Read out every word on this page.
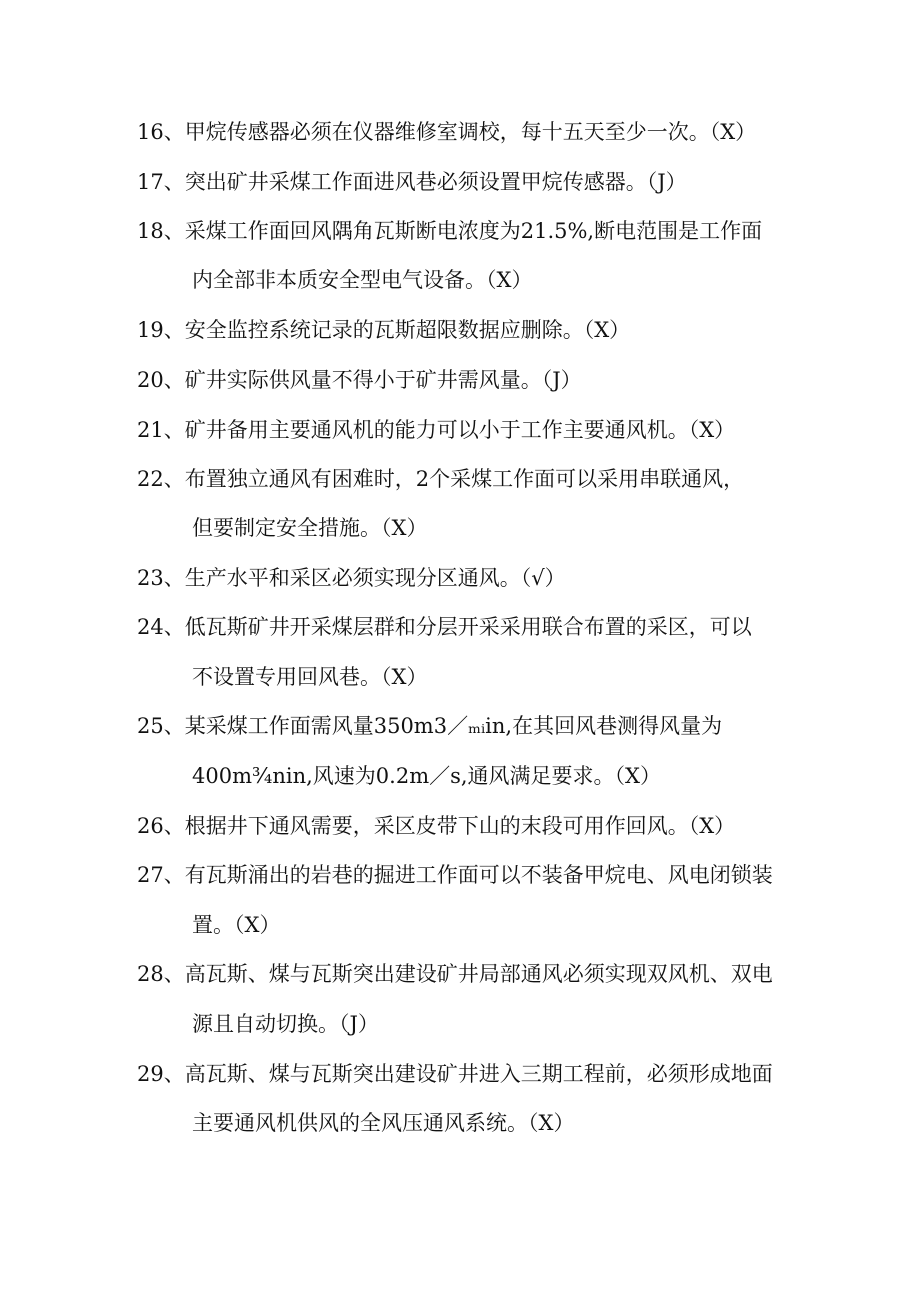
16、甲烷传感器必须在仪器维修室调校，每十五天至少一次。（X）
17、突出矿井采煤工作面进风巷必须设置甲烷传感器。（J）
18、采煤工作面回风隅角瓦斯断电浓度为21.5%,断电范围是工作面
内全部非本质安全型电气设备。（X）
19、安全监控系统记录的瓦斯超限数据应删除。（X）
20、矿井实际供风量不得小于矿井需风量。（J）
21、矿井备用主要通风机的能力可以小于工作主要通风机。（X）
22、布置独立通风有困难时，2个采煤工作面可以采用串联通风，
但要制定安全措施。（X）
23、生产水平和采区必须实现分区通风。（√）
24、低瓦斯矿井开采煤层群和分层开采采用联合布置的采区，可以
不设置专用回风巷。（X）
25、某采煤工作面需风量350m3／ₘᵢin,在其回风巷测得风量为
400m¾nin,风速为0.2m／s,通风满足要求。（X）
26、根据井下通风需要，采区皮带下山的末段可用作回风。（X）
27、有瓦斯涌出的岩巷的掘进工作面可以不装备甲烷电、风电闭锁装
置。（X）
28、高瓦斯、煤与瓦斯突出建设矿井局部通风必须实现双风机、双电
源且自动切换。（J）
29、高瓦斯、煤与瓦斯突出建设矿井进入三期工程前，必须形成地面
主要通风机供风的全风压通风系统。（X）
